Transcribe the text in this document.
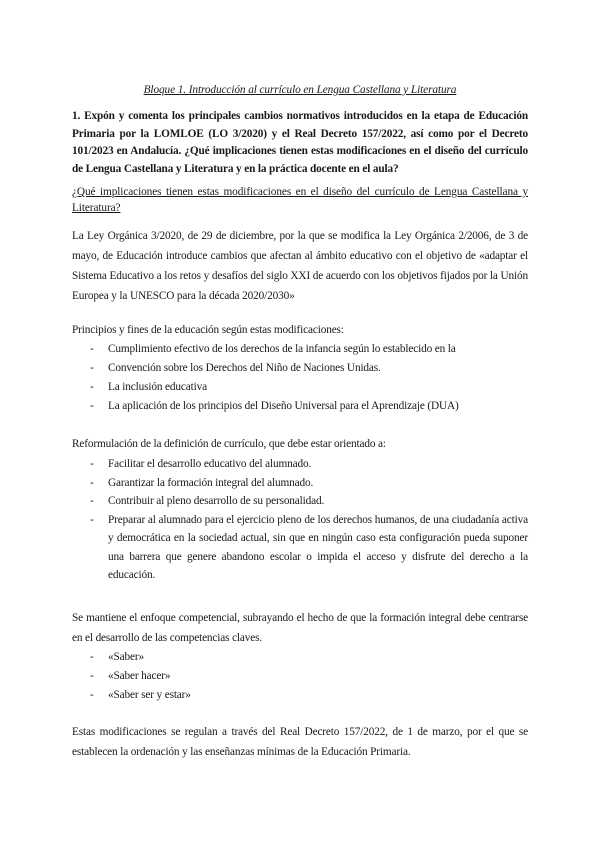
Bloque 1. Introducción al currículo en Lengua Castellana y Literatura
1. Expón y comenta los principales cambios normativos introducidos en la etapa de Educación Primaria por la LOMLOE (LO 3/2020) y el Real Decreto 157/2022, así como por el Decreto 101/2023 en Andalucía. ¿Qué implicaciones tienen estas modificaciones en el diseño del currículo de Lengua Castellana y Literatura y en la práctica docente en el aula?
¿Qué implicaciones tienen estas modificaciones en el diseño del currículo de Lengua Castellana y Literatura?
La Ley Orgánica 3/2020, de 29 de diciembre, por la que se modifica la Ley Orgánica 2/2006, de 3 de mayo, de Educación introduce cambios que afectan al ámbito educativo con el objetivo de «adaptar el Sistema Educativo a los retos y desafíos del siglo XXI de acuerdo con los objetivos fijados por la Unión Europea y la UNESCO para la década 2020/2030»
Principios y fines de la educación según estas modificaciones:
- Cumplimiento efectivo de los derechos de la infancia según lo establecido en la
- Convención sobre los Derechos del Niño de Naciones Unidas.
- La inclusión educativa
- La aplicación de los principios del Diseño Universal para el Aprendizaje (DUA)
Reformulación de la definición de currículo, que debe estar orientado a:
- Facilitar el desarrollo educativo del alumnado.
- Garantizar la formación integral del alumnado.
- Contribuir al pleno desarrollo de su personalidad.
- Preparar al alumnado para el ejercicio pleno de los derechos humanos, de una ciudadanía activa y democrática en la sociedad actual, sin que en ningún caso esta configuración pueda suponer una barrera que genere abandono escolar o impida el acceso y disfrute del derecho a la educación.
Se mantiene el enfoque competencial, subrayando el hecho de que la formación integral debe centrarse en el desarrollo de las competencias claves.
- «Saber»
- «Saber hacer»
- «Saber ser y estar»
Estas modificaciones se regulan a través del Real Decreto 157/2022, de 1 de marzo, por el que se establecen la ordenación y las enseñanzas mínimas de la Educación Primaria.
